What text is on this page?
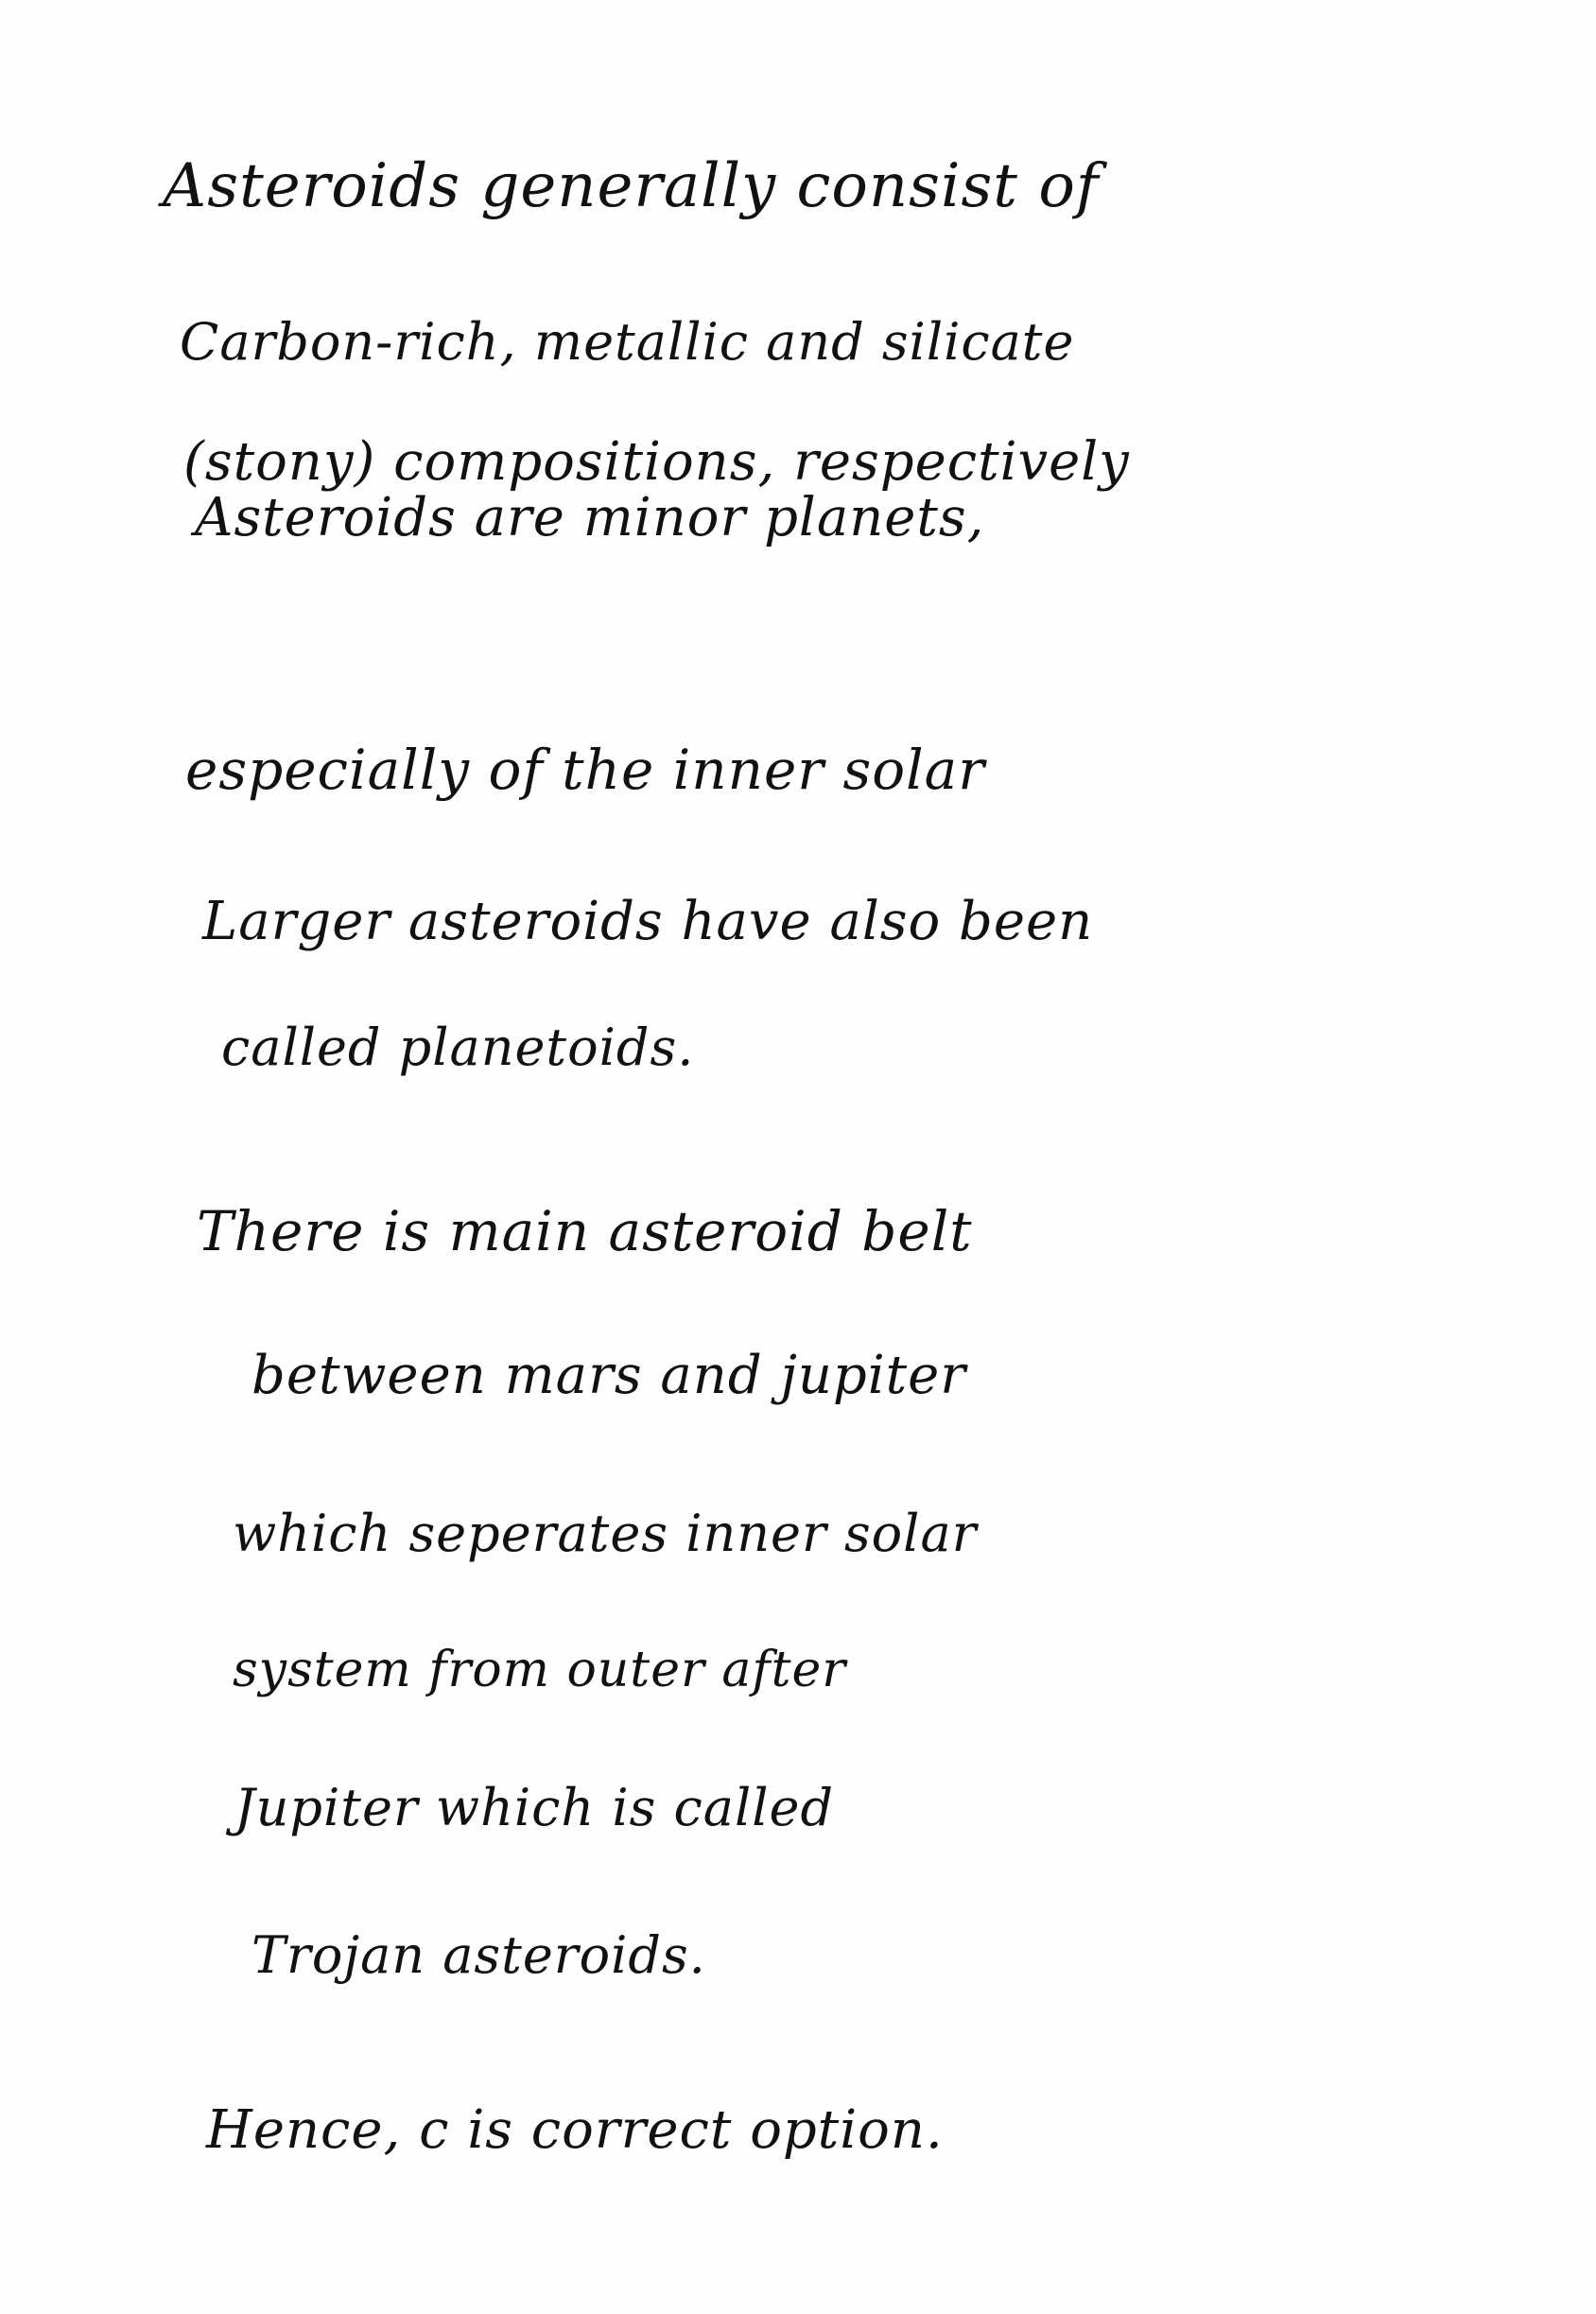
Asteroids generally consist of
Carbon-rich, metallic and silicate
(stony) compositions, respectively
Asteroids are minor planets,
especially of the inner solar
Larger asteroids have also been
called planetoids.
There is main asteroid belt
between mars and jupiter
which seperates inner solar
system from outer after
Jupiter which is called
Trojan asteroids.
Hence, c is correct option.
